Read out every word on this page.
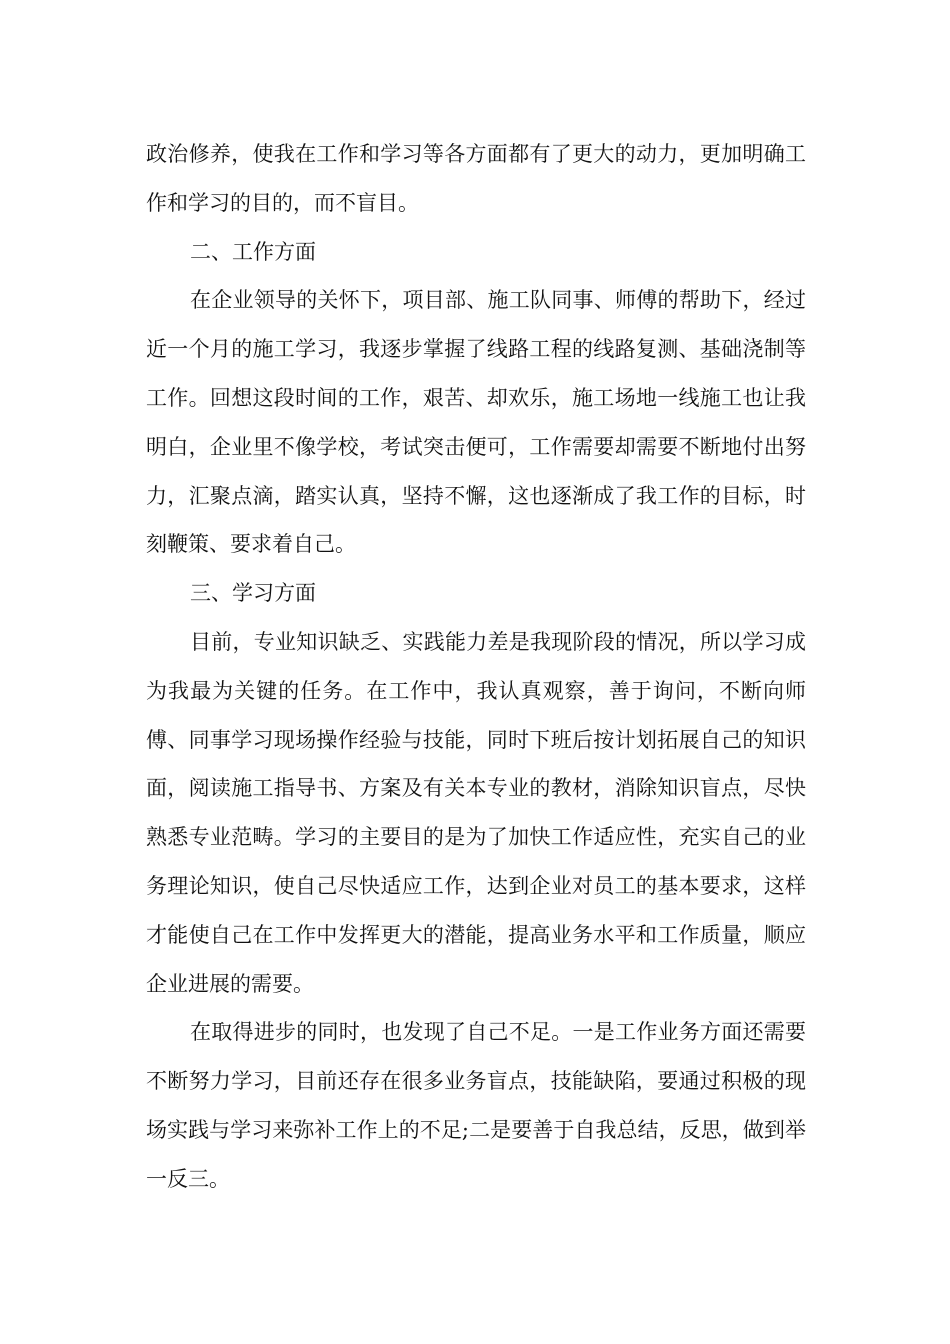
政治修养，使我在工作和学习等各方面都有了更大的动力，更加明确工作和学习的目的，而不盲目。

二、工作方面

在企业领导的关怀下，项目部、施工队同事、师傅的帮助下，经过近一个月的施工学习，我逐步掌握了线路工程的线路复测、基础浇制等工作。回想这段时间的工作，艰苦、却欢乐，施工场地一线施工也让我明白，企业里不像学校，考试突击便可，工作需要却需要不断地付出努力，汇聚点滴，踏实认真，坚持不懈，这也逐渐成了我工作的目标，时刻鞭策、要求着自己。

三、学习方面

目前，专业知识缺乏、实践能力差是我现阶段的情况，所以学习成为我最为关键的任务。在工作中，我认真观察，善于询问，不断向师傅、同事学习现场操作经验与技能，同时下班后按计划拓展自己的知识面，阅读施工指导书、方案及有关本专业的教材，消除知识盲点，尽快熟悉专业范畴。学习的主要目的是为了加快工作适应性，充实自己的业务理论知识，使自己尽快适应工作，达到企业对员工的基本要求，这样才能使自己在工作中发挥更大的潜能，提高业务水平和工作质量，顺应企业进展的需要。

在取得进步的同时，也发现了自己不足。一是工作业务方面还需要不断努力学习，目前还存在很多业务盲点，技能缺陷，要通过积极的现场实践与学习来弥补工作上的不足;二是要善于自我总结，反思，做到举一反三。
